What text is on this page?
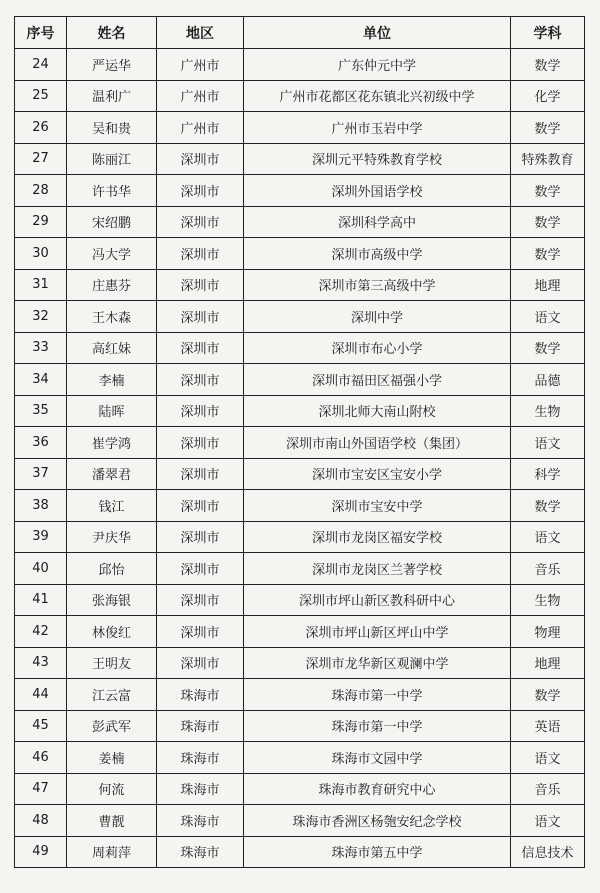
序号	姓名	地区	单位	学科
24	严运华	广州市	广东仲元中学	数学
25	温利广	广州市	广州市花都区花东镇北兴初级中学	化学
26	吴和贵	广州市	广州市玉岩中学	数学
27	陈丽江	深圳市	深圳元平特殊教育学校	特殊教育
28	许书华	深圳市	深圳外国语学校	数学
29	宋绍鹏	深圳市	深圳科学高中	数学
30	冯大学	深圳市	深圳市高级中学	数学
31	庄惠芬	深圳市	深圳市第三高级中学	地理
32	王木森	深圳市	深圳中学	语文
33	高红妹	深圳市	深圳市布心小学	数学
34	李楠	深圳市	深圳市福田区福强小学	品德
35	陆晖	深圳市	深圳北师大南山附校	生物
36	崔学鸿	深圳市	深圳市南山外国语学校（集团）	语文
37	潘翠君	深圳市	深圳市宝安区宝安小学	科学
38	钱江	深圳市	深圳市宝安中学	数学
39	尹庆华	深圳市	深圳市龙岗区福安学校	语文
40	邱怡	深圳市	深圳市龙岗区兰著学校	音乐
41	张海银	深圳市	深圳市坪山新区教科研中心	生物
42	林俊红	深圳市	深圳市坪山新区坪山中学	物理
43	王明友	深圳市	深圳市龙华新区观澜中学	地理
44	江云富	珠海市	珠海市第一中学	数学
45	彭武军	珠海市	珠海市第一中学	英语
46	姜楠	珠海市	珠海市文园中学	语文
47	何流	珠海市	珠海市教育研究中心	音乐
48	曹靓	珠海市	珠海市香洲区杨匏安纪念学校	语文
49	周莉萍	珠海市	珠海市第五中学	信息技术
